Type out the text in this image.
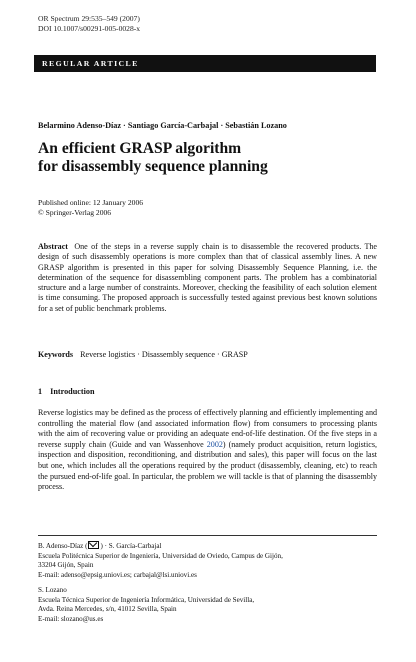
OR Spectrum 29:535–549 (2007)
DOI 10.1007/s00291-005-0028-x
REGULAR ARTICLE
Belarmino Adenso-Díaz · Santiago García-Carbajal · Sebastián Lozano
An efficient GRASP algorithm
for disassembly sequence planning
Published online: 12 January 2006
© Springer-Verlag 2006
Abstract One of the steps in a reverse supply chain is to disassemble the recovered products. The design of such disassembly operations is more complex than that of classical assembly lines. A new GRASP algorithm is presented in this paper for solving Disassembly Sequence Planning, i.e. the determination of the sequence for disassembling component parts. The problem has a combinatorial structure and a large number of constraints. Moreover, checking the feasibility of each solution element is time consuming. The proposed approach is successfully tested against previous best known solutions for a set of public benchmark problems.
Keywords Reverse logistics · Disassembly sequence · GRASP
1 Introduction
Reverse logistics may be defined as the process of effectively planning and efficiently implementing and controlling the material flow (and associated information flow) from consumers to processing plants with the aim of recovering value or providing an adequate end-of-life destination. Of the five steps in a reverse supply chain (Guide and van Wassenhove 2002) (namely product acquisition, return logistics, inspection and disposition, reconditioning, and distribution and sales), this paper will focus on the last but one, which includes all the operations required by the product (disassembly, cleaning, etc) to reach the pursued end-of-life goal. In particular, the problem we will tackle is that of planning the disassembly process.
B. Adenso-Díaz ( ) · S. García-Carbajal
Escuela Politécnica Superior de Ingeniería, Universidad de Oviedo, Campus de Gijón,
33204 Gijón, Spain
E-mail: adenso@epsig.uniovi.es; carbajal@lsi.uniovi.es
S. Lozano
Escuela Técnica Superior de Ingeniería Informática, Universidad de Sevilla,
Avda. Reina Mercedes, s/n, 41012 Sevilla, Spain
E-mail: slozano@us.es
